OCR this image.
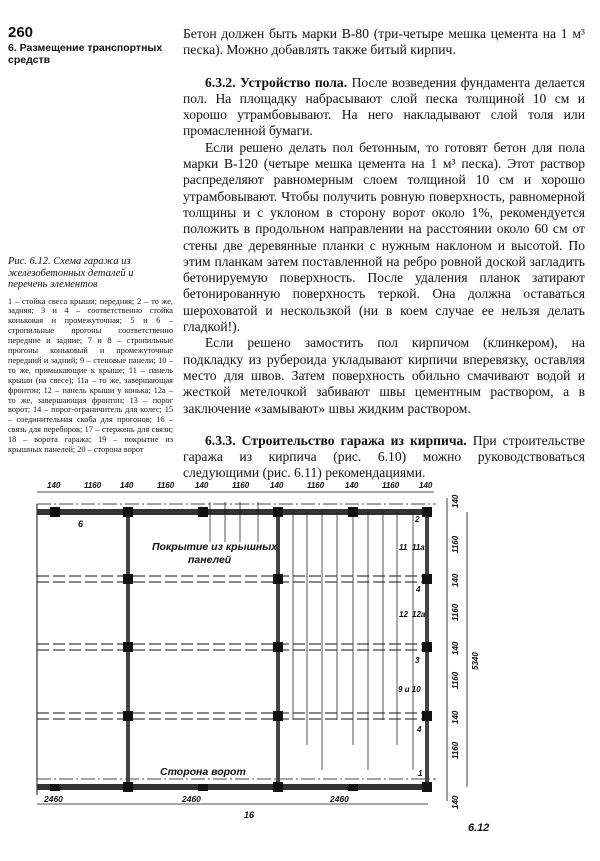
260
6. Размещение транспортных средств

Бетон должен быть марки В-80 (три-четыре мешка цемента на 1 м³ песка). Можно добавлять также битый кирпич.

6.3.2. Устройство пола. После возведения фундамента делается пол. На площадку набрасывают слой песка толщиной 10 см и хорошо утрамбовывают. На него накладывают слой толя или промасленной бумаги.

Если решено делать пол бетонным, то готовят бетон для пола марки В-120 (четыре мешка цемента на 1 м³ песка). Этот раствор распределяют равномерным слоем толщиной 10 см и хорошо утрамбовывают. Чтобы получить ровную поверхность, равномерной толщины и с уклоном в сторону ворот около 1%, рекомендуется положить в продольном направлении на расстоянии около 60 см от стены две деревянные планки с нужным наклоном и высотой. По этим планкам затем поставленной на ребро ровной доской загладить бетонируемую поверхность. После удаления планок затирают бетонированную поверхность теркой. Она должна оставаться шероховатой и нескользкой (ни в коем случае ее нельзя делать гладкой!).

Если решено замостить пол кирпичом (клинкером), на подкладку из рубероида укладывают кирпичи вперевязку, оставляя место для швов. Затем поверхность обильно смачивают водой и жесткой метелочкой забивают швы цементным раствором, а в заключение «замывают» швы жидким раствором.

6.3.3. Строительство гаража из кирпича. При строительстве гаража из кирпича (рис. 6.10) можно руководствоваться следующими (рис. 6.11) рекомендациями.

Рис. 6.12. Схема гаража из железобетонных деталей и перечень элементов
1 – стойка свеса крыши; передняя; 2 – то же, задняя; 3 и 4 – соответственно стойка коньковая и промежуточная; 5 и 6 – стропильные прогоны соответственно передние и задние; 7 и 8 – стропильные прогоны коньковый и промежуточные передний и задний; 9 – стеновые панели; 10 – то же, примыкающие к крыше; 11 – панель крыши (на свесе); 11а – то же, завершающая фронтон; 12 – панель крыши у конька; 12а – то же, завершающая фронтон; 13 – порог ворот; 14 – порог-ограничитель для колес; 15 – соединительная скоба для прогонов; 16 – связь для переборов; 17 – стержень для связи; 18 – ворота гаража; 19 – покрытие из крышных панелей; 20 – сторона ворот
140	1160 140	1160	140	1160	140	1160	140	1160 140
140
1160
140
1160
140
1160
140
1160
140
5340
2460	2460	2460
Покрытие из крышных
панелей
Сторона ворот
6
16
2
4
3
4
1
11 11a
12 12a
9 и 10
6.12
